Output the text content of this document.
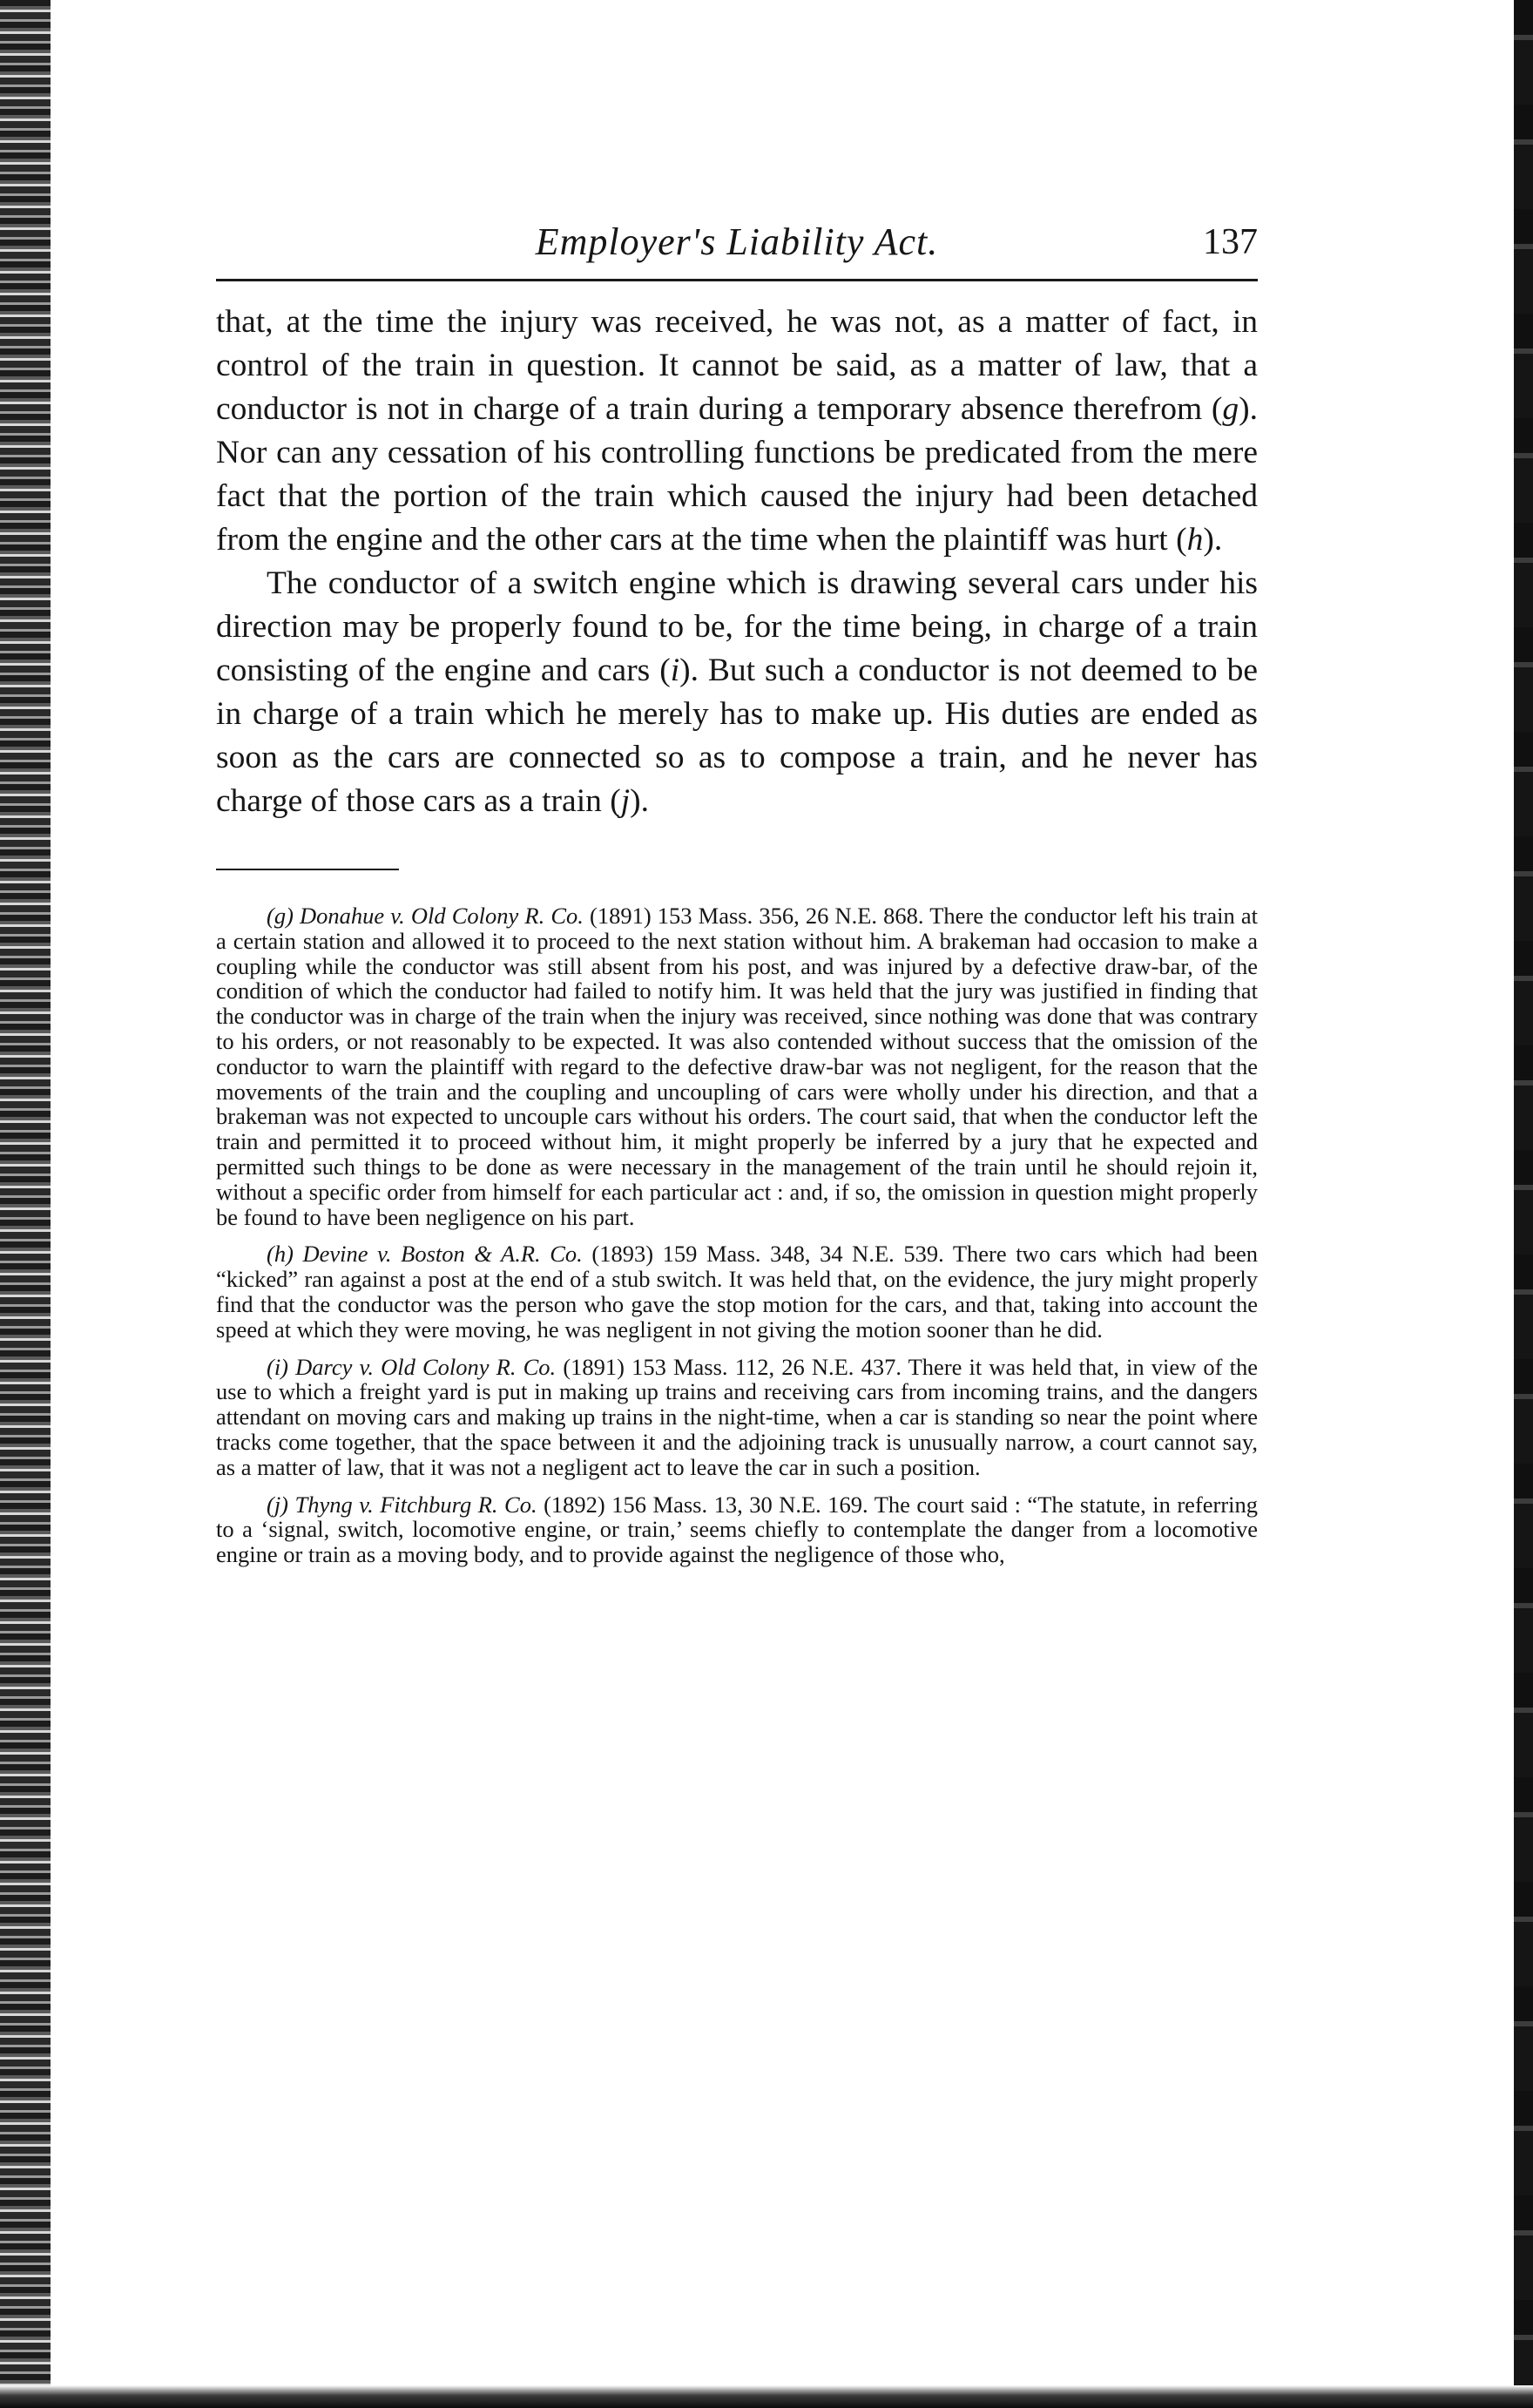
Employer's Liability Act.	137

that, at the time the injury was received, he was not, as a matter of fact, in control of the train in question. It cannot be said, as a matter of law, that a conductor is not in charge of a train during a temporary absence therefrom (g). Nor can any cessation of his controlling functions be predicated from the mere fact that the portion of the train which caused the injury had been detached from the engine and the other cars at the time when the plaintiff was hurt (h).

The conductor of a switch engine which is drawing several cars under his direction may be properly found to be, for the time being, in charge of a train consisting of the engine and cars (i). But such a conductor is not deemed to be in charge of a train which he merely has to make up. His duties are ended as soon as the cars are connected so as to compose a train, and he never has charge of those cars as a train (j).

(g) Donahue v. Old Colony R. Co. (1891) 153 Mass. 356, 26 N.E. 868. There the conductor left his train at a certain station and allowed it to proceed to the next station without him. A brakeman had occasion to make a coupling while the conductor was still absent from his post, and was injured by a defective draw-bar, of the condition of which the conductor had failed to notify him. It was held that the jury was justified in finding that the conductor was in charge of the train when the injury was received, since nothing was done that was contrary to his orders, or not reasonably to be expected. It was also contended without success that the omission of the conductor to warn the plaintiff with regard to the defective draw-bar was not negligent, for the reason that the movements of the train and the coupling and uncoupling of cars were wholly under his direction, and that a brakeman was not expected to uncouple cars without his orders. The court said, that when the conductor left the train and permitted it to proceed without him, it might properly be inferred by a jury that he expected and permitted such things to be done as were necessary in the management of the train until he should rejoin it, without a specific order from himself for each particular act : and, if so, the omission in question might properly be found to have been negligence on his part.

(h) Devine v. Boston & A.R. Co. (1893) 159 Mass. 348, 34 N.E. 539. There two cars which had been “kicked” ran against a post at the end of a stub switch. It was held that, on the evidence, the jury might properly find that the conductor was the person who gave the stop motion for the cars, and that, taking into account the speed at which they were moving, he was negligent in not giving the motion sooner than he did.

(i) Darcy v. Old Colony R. Co. (1891) 153 Mass. 112, 26 N.E. 437. There it was held that, in view of the use to which a freight yard is put in making up trains and receiving cars from incoming trains, and the dangers attendant on moving cars and making up trains in the night-time, when a car is standing so near the point where tracks come together, that the space between it and the adjoining track is unusually narrow, a court cannot say, as a matter of law, that it was not a negligent act to leave the car in such a position.

(j) Thyng v. Fitchburg R. Co. (1892) 156 Mass. 13, 30 N.E. 169. The court said : “The statute, in referring to a ‘signal, switch, locomotive engine, or train,’ seems chiefly to contemplate the danger from a locomotive engine or train as a moving body, and to provide against the negligence of those who,
